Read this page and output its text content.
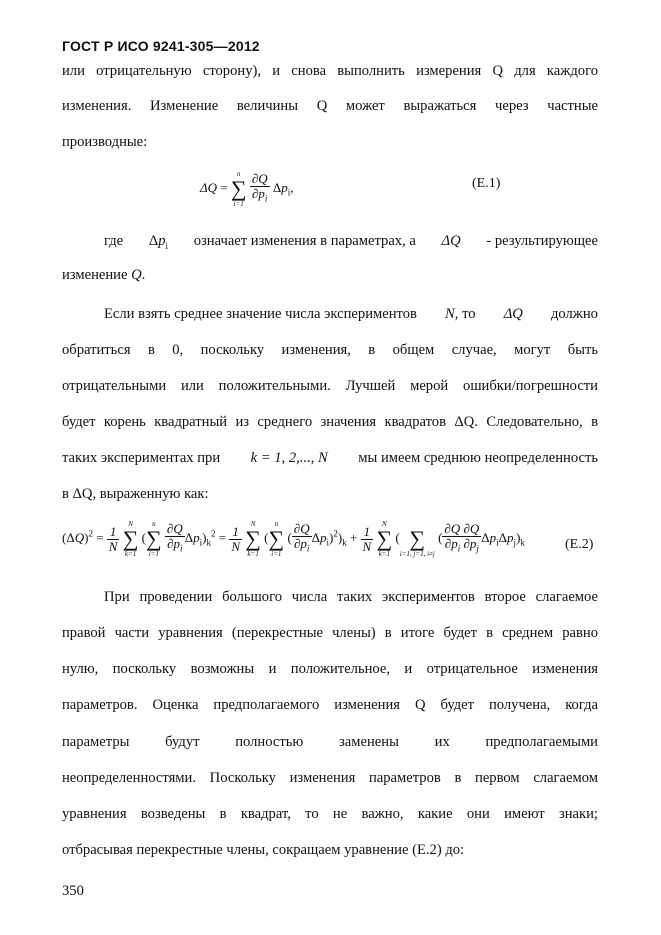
ГОСТ Р ИСО 9241-305—2012
или отрицательную сторону), и снова выполнить измерения Q для каждого
изменения. Изменение величины Q может выражаться через частные
производные:
ΔQ =
n
∑
i=1
$\frac{\partial Q}{\partial p_i} \Delta p_i$,	(E.1)
где $\Delta p_i$ означает изменения в параметрах, а ΔQ - результирующее
изменение Q.
Если взять среднее значение числа экспериментов N, то ΔQ должно
обратиться в 0, поскольку изменения, в общем случае, могут быть
отрицательными или положительными. Лучшей мерой ошибки/погрешности
будет корень квадратный из среднего значения квадратов ΔQ. Следовательно, в
таких экспериментах при k = 1, 2,..., N мы имеем среднюю неопределенность
в ΔQ, выраженную как:
$(\Delta Q)^2 = \frac{1}{N}$

N
∑
k=1
(
n
∑
i=1
$\frac{\partial Q}{\partial p_i} \Delta p_i)_k^2 = \frac{1}{N}$

N
∑
k=1
(
n
∑
i=1
( $\frac{\partial Q}{\partial p_i} \Delta p_i)^2)_k + \frac{1}{N}$

N
∑
k=1
(
∑
i=1, j=1, i≠j
( $\frac{\partial Q \partial Q}{\partial p_i \partial p_j} \Delta p_i\Delta p_j)_k$	(E.2)
При проведении большого числа таких экспериментов второе слагаемое
правой части уравнения (перекрестные члены) в итоге будет в среднем равно
нулю, поскольку возможны и положительное, и отрицательное изменения
параметров. Оценка предполагаемого изменения Q будет получена, когда
параметры будут полностью заменены их предполагаемыми
неопределенностями. Поскольку изменения параметров в первом слагаемом
уравнения возведены в квадрат, то не важно, какие они имеют знаки;
отбрасывая перекрестные члены, сокращаем уравнение (E.2) до:
350
